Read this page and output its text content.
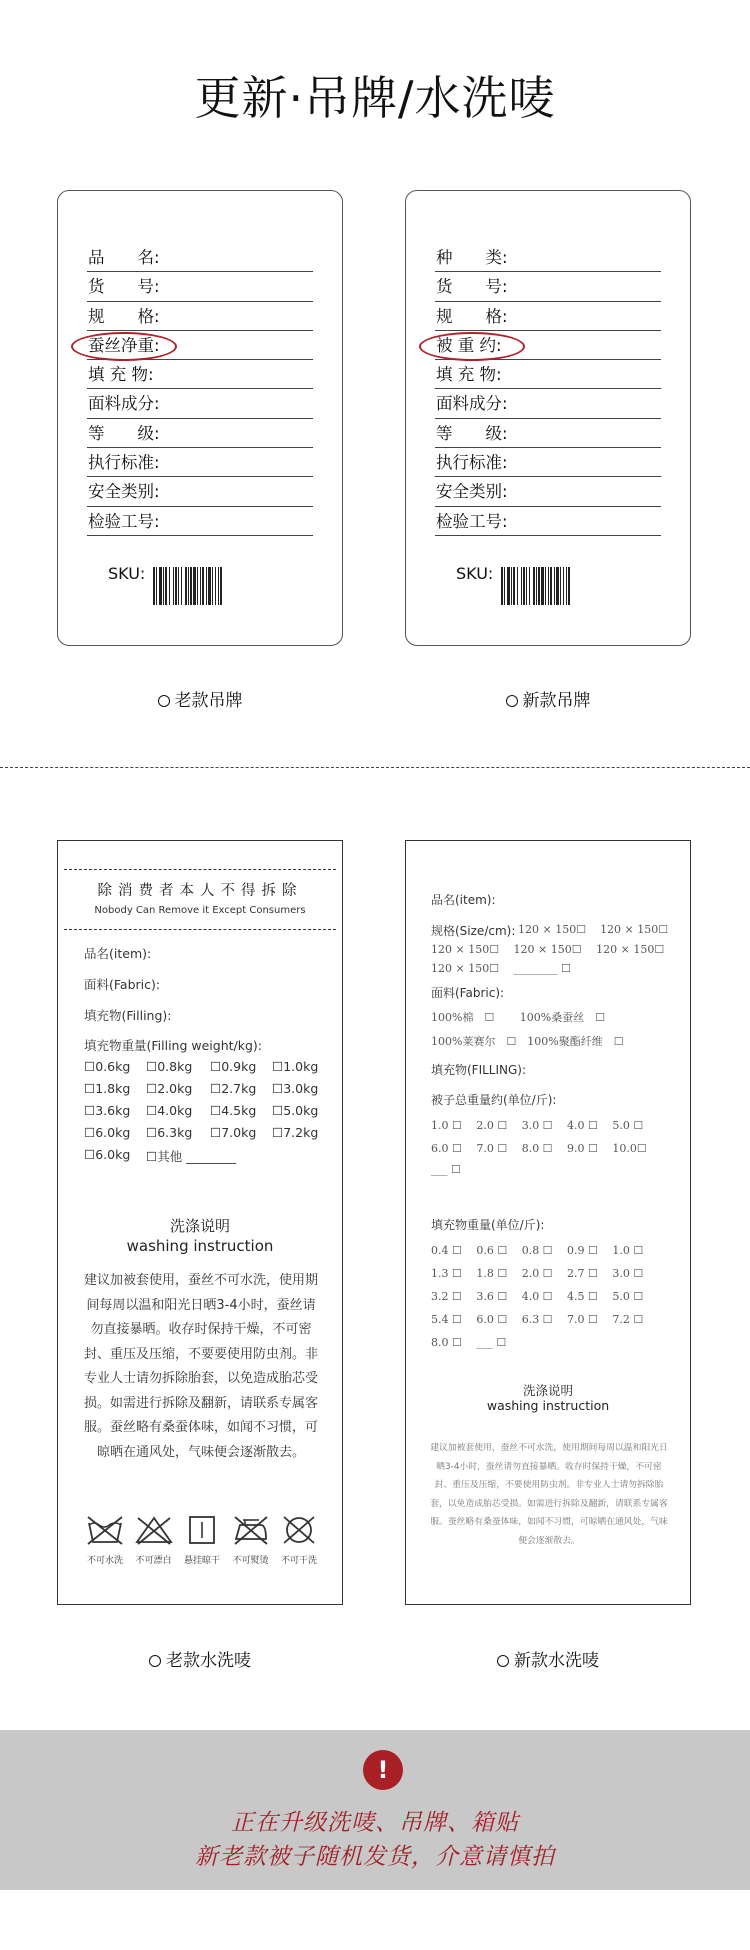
更新·吊牌/水洗唛
品　　名:
货　　号:
规　　格:
蚕丝净重:
填 充 物:
面料成分:
等　　级:
执行标准:
安全类别:
检验工号:
SKU:
老款吊牌
种　　类:
货　　号:
规　　格:
被 重 约:
填 充 物:
面料成分:
等　　级:
执行标准:
安全类别:
检验工号:
SKU:
新款吊牌
除消费者本人不得拆除
Nobody Can Remove it Except Consumers
品名(item):
面料(Fabric):
填充物(Filling):
填充物重量(Filling weight/kg):
☐0.6kg	☐0.8kg	☐0.9kg	☐1.0kg
☐1.8kg	☐2.0kg	☐2.7kg	☐3.0kg
☐3.6kg	☐4.0kg	☐4.5kg	☐5.0kg
☐6.0kg	☐6.3kg	☐7.0kg	☐7.2kg
☐6.0kg	☐其他 ________
洗涤说明
washing instruction
建议加被套使用，蚕丝不可水洗，使用期间每周以温和阳光日晒3-4小时，蚕丝请勿直接暴晒。收存时保持干燥，不可密封、重压及压缩，不要要使用防虫剂。非专业人士请勿拆除胎套，以免造成胎芯受损。如需进行拆除及翻新，请联系专属客服。蚕丝略有桑蚕体味，如闻不习惯，可晾晒在通风处，气味便会逐渐散去。
不可水洗	不可漂白	悬挂晾干	不可熨烫	不可干洗
老款水洗唛
品名(item):
规格(Size/cm): 120 × 150☐ 120 × 150☐
120 × 150☐　 120 × 150☐　 120 × 150☐
120 × 150☐　 ________ ☐
面料(Fabric):
100%棉　☐　　 100%桑蚕丝　☐
100%莱赛尔　☐　100%聚酯纤维　☐
填充物(FILLING):
被子总重量约(单位/斤):
1.0 ☐　 2.0 ☐　 3.0 ☐　 4.0 ☐　 5.0 ☐
6.0 ☐　 7.0 ☐　 8.0 ☐　 9.0 ☐　 10.0☐
___ ☐
填充物重量(单位/斤):
0.4 ☐　 0.6 ☐　 0.8 ☐　 0.9 ☐　 1.0 ☐
1.3 ☐　 1.8 ☐　 2.0 ☐　 2.7 ☐　 3.0 ☐
3.2 ☐　 3.6 ☐　 4.0 ☐　 4.5 ☐　 5.0 ☐
5.4 ☐　 6.0 ☐　 6.3 ☐　 7.0 ☐　 7.2 ☐
8.0 ☐　 ___ ☐
洗涤说明
washing instruction
建议加被套使用，蚕丝不可水洗，使用期间每周以温和阳光日晒3-4小时，蚕丝请勿直接暴晒。收存时保持干燥，不可密封、重压及压缩，不要使用防虫剂。非专业人士请勿拆除胎套，以免造成胎芯受损。如需进行拆除及翻新，请联系专属客服。蚕丝略有桑蚕体味，如闻不习惯，可晾晒在通风处，气味便会逐渐散去。
新款水洗唛
!
正在升级洗唛、吊牌、箱贴
新老款被子随机发货，介意请慎拍
